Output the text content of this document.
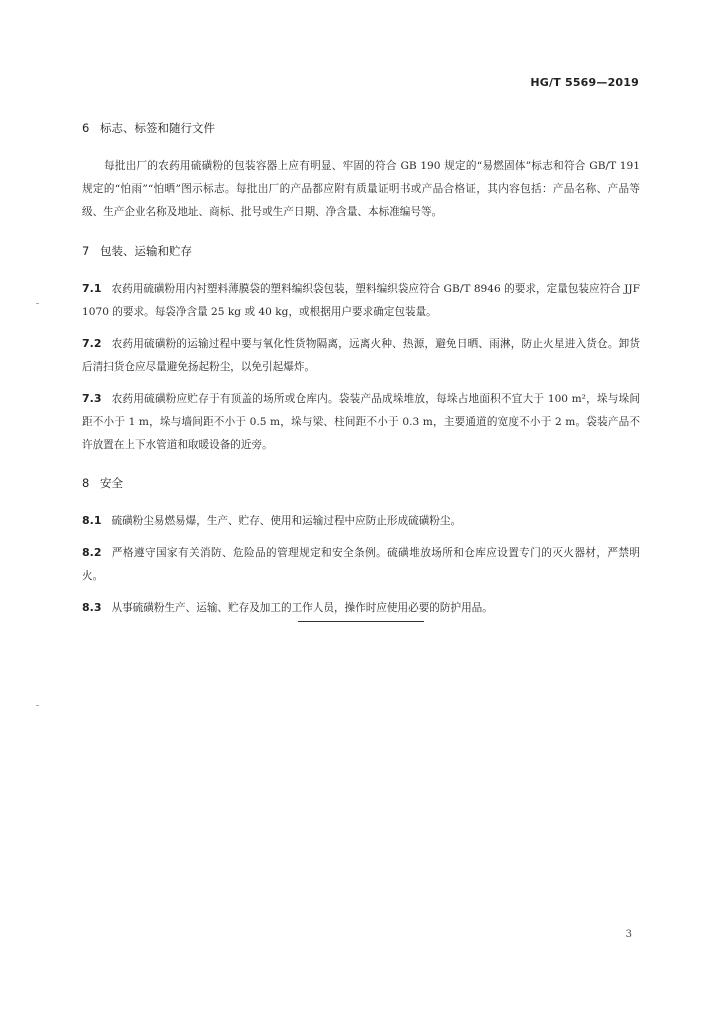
HG/T 5569—2019
6 标志、标签和随行文件

每批出厂的农药用硫磺粉的包装容器上应有明显、牢固的符合 GB 190 规定的“易燃固体”标志和符合 GB/T 191 规定的“怕雨”“怕晒”图示标志。每批出厂的产品都应附有质量证明书或产品合格证，其内容包括：产品名称、产品等级、生产企业名称及地址、商标、批号或生产日期、净含量、本标准编号等。

7 包装、运输和贮存

7.1 农药用硫磺粉用内衬塑料薄膜袋的塑料编织袋包装，塑料编织袋应符合 GB/T 8946 的要求，定量包装应符合 JJF 1070 的要求。每袋净含量 25 kg 或 40 kg，或根据用户要求确定包装量。

7.2 农药用硫磺粉的运输过程中要与氧化性货物隔离，远离火种、热源，避免日晒、雨淋，防止火星进入货仓。卸货后清扫货仓应尽量避免扬起粉尘，以免引起爆炸。

7.3 农药用硫磺粉应贮存于有顶盖的场所或仓库内。袋装产品成垛堆放，每垛占地面积不宜大于 100 m²，垛与垛间距不小于 1 m，垛与墙间距不小于 0.5 m，垛与梁、柱间距不小于 0.3 m，主要通道的宽度不小于 2 m。袋装产品不许放置在上下水管道和取暖设备的近旁。

8 安全

8.1 硫磺粉尘易燃易爆，生产、贮存、使用和运输过程中应防止形成硫磺粉尘。

8.2 严格遵守国家有关消防、危险品的管理规定和安全条例。硫磺堆放场所和仓库应设置专门的灭火器材，严禁明火。

8.3 从事硫磺粉生产、运输、贮存及加工的工作人员，操作时应使用必要的防护用品。

3
